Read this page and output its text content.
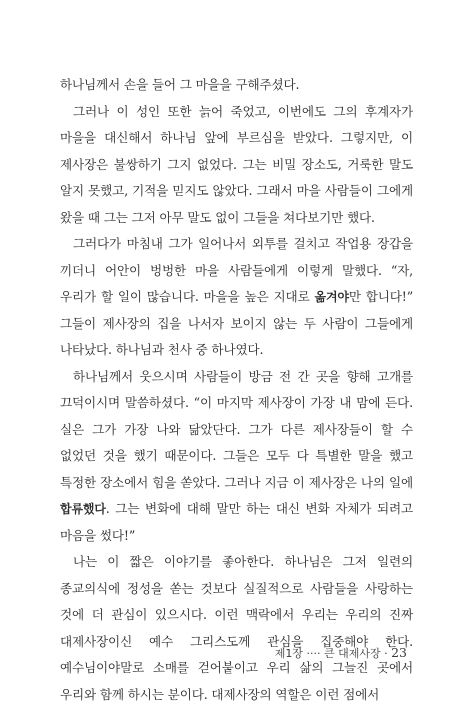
하나님께서 손을 들어 그 마을을 구해주셨다.

그러나 이 성인 또한 늙어 죽었고, 이번에도 그의 후계자가 마을을 대신해서 하나님 앞에 부르심을 받았다. 그렇지만, 이 제사장은 불쌍하기 그지 없었다. 그는 비밀 장소도, 거룩한 말도 알지 못했고, 기적을 믿지도 않았다. 그래서 마을 사람들이 그에게 왔을 때 그는 그저 아무 말도 없이 그들을 쳐다보기만 했다.

그러다가 마침내 그가 일어나서 외투를 걸치고 작업용 장갑을 끼더니 어안이 벙벙한 마을 사람들에게 이렇게 말했다. “자, 우리가 할 일이 많습니다. 마을을 높은 지대로 옮겨야만 합니다!” 그들이 제사장의 집을 나서자 보이지 않는 두 사람이 그들에게 나타났다. 하나님과 천사 중 하나였다.

하나님께서 웃으시며 사람들이 방금 전 간 곳을 향해 고개를 끄덕이시며 말씀하셨다. “이 마지막 제사장이 가장 내 맘에 든다. 실은 그가 가장 나와 닮았단다. 그가 다른 제사장들이 할 수 없었던 것을 했기 때문이다. 그들은 모두 다 특별한 말을 했고 특정한 장소에서 힘을 쏟았다. 그러나 지금 이 제사장은 나의 일에 합류했다. 그는 변화에 대해 말만 하는 대신 변화 자체가 되려고 마음을 썼다!”

나는 이 짧은 이야기를 좋아한다. 하나님은 그저 일련의 종교의식에 정성을 쏟는 것보다 실질적으로 사람들을 사랑하는 것에 더 관심이 있으시다. 이런 맥락에서 우리는 우리의 진짜 대제사장이신 예수 그리스도께 관심을 집중해야 한다. 예수님이야말로 소매를 걷어붙이고 우리 삶의 그늘진 곳에서 우리와 함께 하시는 분이다. 대제사장의 역할은 이런 점에서

제1장 ···· 큰 대제사장 · 23
